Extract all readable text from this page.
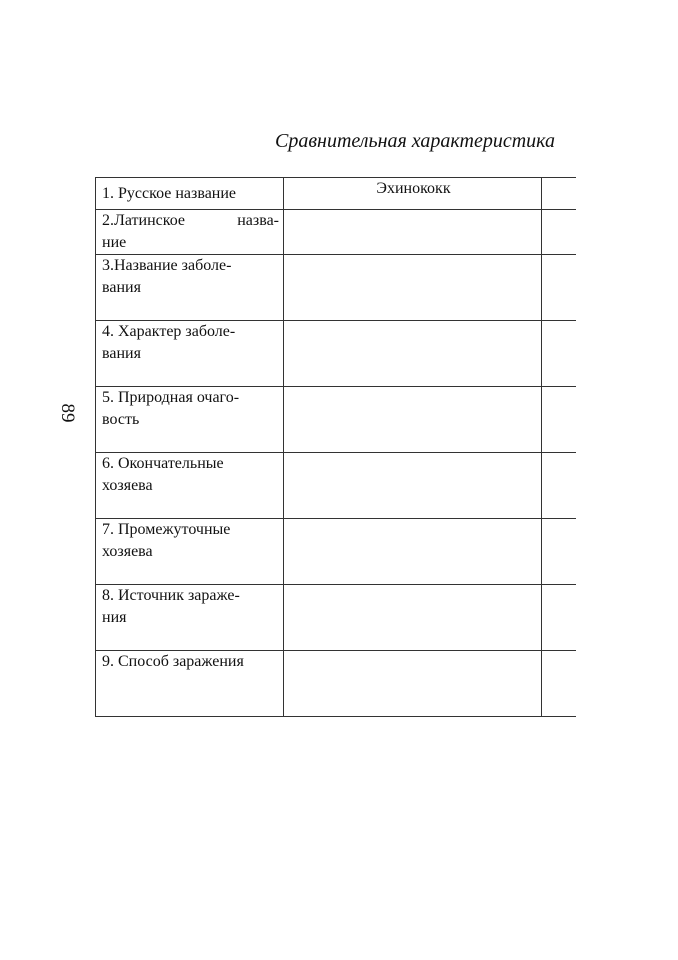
89
Сравнительная характеристика
1. Русское название	Эхинококк	

2.Латинское назва-
ние		

3.Название заболе-
вания		
4. Характер заболе-
вания		
5. Природная очаго-
вость		
6. Окончательные
хозяева		
7. Промежуточные
хозяева		
8. Источник зараже-
ния		
9. Способ заражения		
